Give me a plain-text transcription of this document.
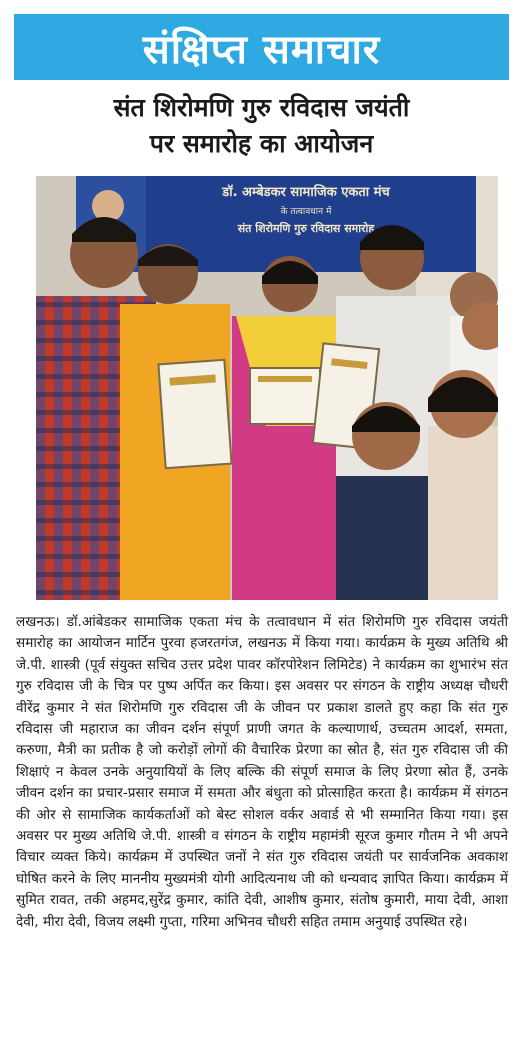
संक्षिप्त समाचार
संत शिरोमणि गुरु रविदास जयंती
पर समारोह का आयोजन
डॉ. अम्बेडकर सामाजिक एकता मंच
के तत्वावधान में
संत शिरोमणि गुरु रविदास समारोह

लखनऊ। डॉ.आंबेडकर सामाजिक एकता मंच के तत्वावधान में संत शिरोमणि गुरु रविदास जयंती समारोह का आयोजन मार्टिन पुरवा हजरतगंज, लखनऊ में किया गया। कार्यक्रम के मुख्य अतिथि श्री जे.पी. शास्त्री (पूर्व संयुक्त सचिव उत्तर प्रदेश पावर कॉरपोरेशन लिमिटेड) ने कार्यक्रम का शुभारंभ संत गुरु रविदास जी के चित्र पर पुष्प अर्पित कर किया। इस अवसर पर संगठन के राष्ट्रीय अध्यक्ष चौधरी वीरेंद्र कुमार ने संत शिरोमणि गुरु रविदास जी के जीवन पर प्रकाश डालते हुए कहा कि संत गुरु रविदास जी महाराज का जीवन दर्शन संपूर्ण प्राणी जगत के कल्याणार्थ, उच्चतम आदर्श, समता, करुणा, मैत्री का प्रतीक है जो करोड़ों लोगों की वैचारिक प्रेरणा का स्रोत है, संत गुरु रविदास जी की शिक्षाएं न केवल उनके अनुयायियों के लिए बल्कि की संपूर्ण समाज के लिए प्रेरणा स्रोत हैं, उनके जीवन दर्शन का प्रचार-प्रसार समाज में समता और बंधुता को प्रोत्साहित करता है। कार्यक्रम में संगठन की ओर से सामाजिक कार्यकर्ताओं को बेस्ट सोशल वर्कर अवार्ड से भी सम्मानित किया गया। इस अवसर पर मुख्य अतिथि जे.पी. शास्त्री व संगठन के राष्ट्रीय महामंत्री सूरज कुमार गौतम ने भी अपने विचार व्यक्त किये। कार्यक्रम में उपस्थित जनों ने संत गुरु रविदास जयंती पर सार्वजनिक अवकाश घोषित करने के लिए माननीय मुख्यमंत्री योगी आदित्यनाथ जी को धन्यवाद ज्ञापित किया। कार्यक्रम में सुमित रावत, तकी अहमद,सुरेंद्र कुमार, कांति देवी, आशीष कुमार, संतोष कुमारी, माया देवी, आशा देवी, मीरा देवी, विजय लक्ष्मी गुप्ता, गरिमा अभिनव चौधरी सहित तमाम अनुयाई उपस्थित रहे।
